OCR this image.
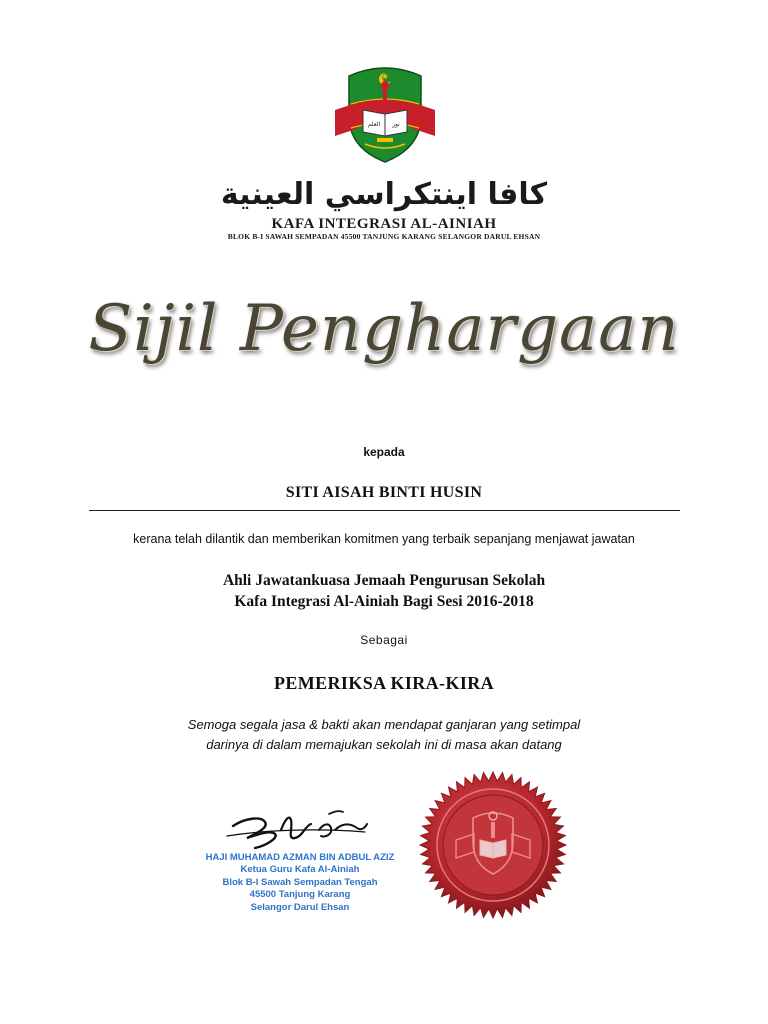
العلم نور
كافا اينتكراسي العينية
KAFA INTEGRASI AL-AINIAH
BLOK B-I SAWAH SEMPADAN 45500 TANJUNG KARANG SELANGOR DARUL EHSAN
Sijil Penghargaan
kepada
SITI AISAH BINTI HUSIN
kerana telah dilantik dan memberikan komitmen yang terbaik sepanjang menjawat jawatan
Ahli Jawatankuasa Jemaah Pengurusan Sekolah
Kafa Integrasi Al-Ainiah Bagi Sesi 2016-2018
Sebagai
PEMERIKSA KIRA-KIRA
Semoga segala jasa & bakti akan mendapat ganjaran yang setimpal
darinya di dalam memajukan sekolah ini di masa akan datang
HAJI MUHAMAD AZMAN BIN ADBUL AZIZ
Ketua Guru Kafa Al-Ainiah
Blok B-I Sawah Sempadan Tengah
45500 Tanjung Karang
Selangor Darul Ehsan
